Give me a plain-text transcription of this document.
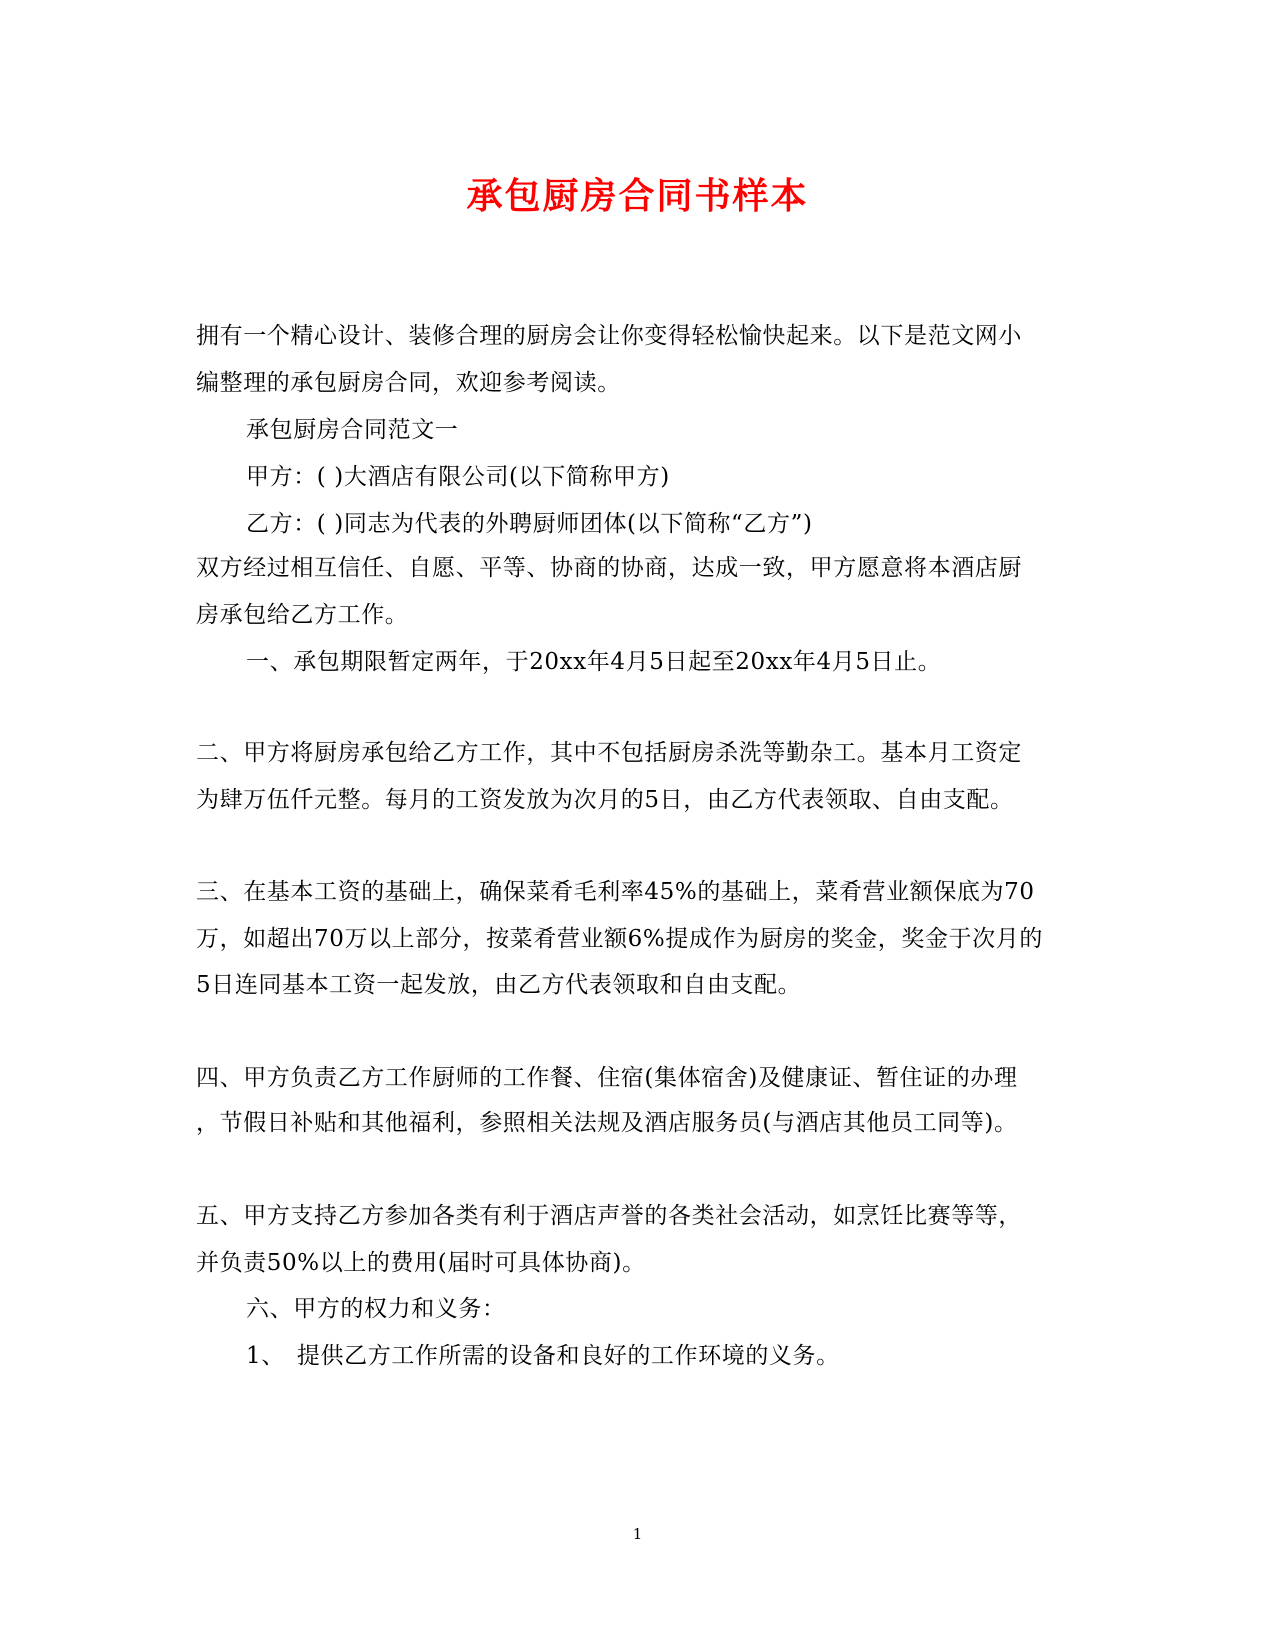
承包厨房合同书样本
拥有一个精心设计、装修合理的厨房会让你变得轻松愉快起来。以下是范文网小
编整理的承包厨房合同，欢迎参考阅读。
承包厨房合同范文一
甲方：( )大酒店有限公司(以下简称甲方)
乙方：( )同志为代表的外聘厨师团体(以下简称“乙方”)
双方经过相互信任、自愿、平等、协商的协商，达成一致，甲方愿意将本酒店厨
房承包给乙方工作。
一、承包期限暂定两年，于20xx年4月5日起至20xx年4月5日止。
二、甲方将厨房承包给乙方工作，其中不包括厨房杀洗等勤杂工。基本月工资定
为肆万伍仟元整。每月的工资发放为次月的5日，由乙方代表领取、自由支配。
三、在基本工资的基础上，确保菜肴毛利率45%的基础上，菜肴营业额保底为70
万，如超出70万以上部分，按菜肴营业额6%提成作为厨房的奖金，奖金于次月的
5日连同基本工资一起发放，由乙方代表领取和自由支配。
四、甲方负责乙方工作厨师的工作餐、住宿(集体宿舍)及健康证、暂住证的办理
，节假日补贴和其他福利，参照相关法规及酒店服务员(与酒店其他员工同等)。
五、甲方支持乙方参加各类有利于酒店声誉的各类社会活动，如烹饪比赛等等，
并负责50%以上的费用(届时可具体协商)。
六、甲方的权力和义务：
1、　提供乙方工作所需的设备和良好的工作环境的义务。
1
